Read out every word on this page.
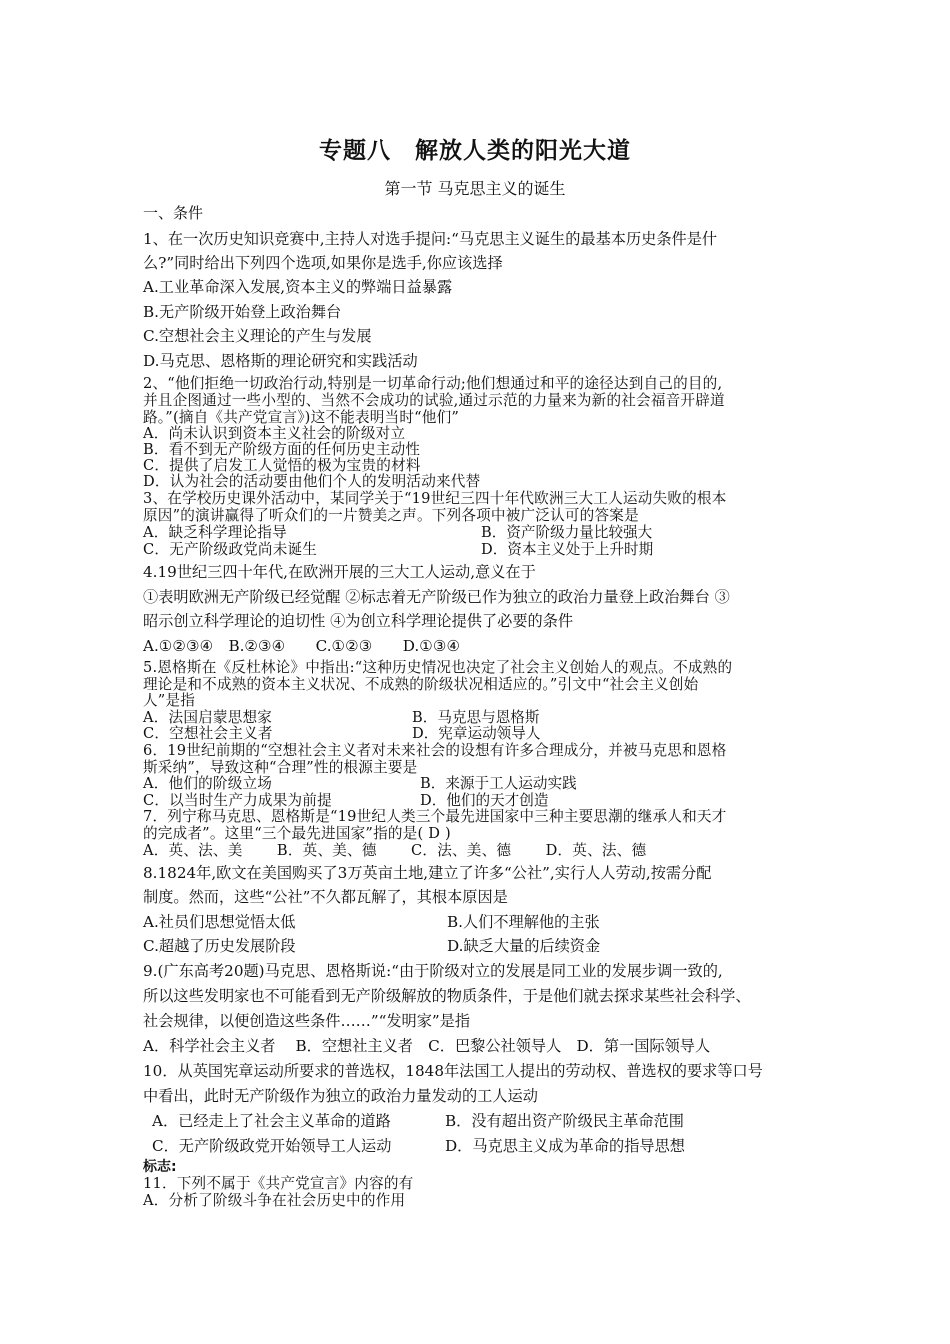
专题八　解放人类的阳光大道
第一节 马克思主义的诞生
一、条件
1、在一次历史知识竞赛中,主持人对选手提问:“马克思主义诞生的最基本历史条件是什
么?”同时给出下列四个选项,如果你是选手,你应该选择
A.工业革命深入发展,资本主义的弊端日益暴露
B.无产阶级开始登上政治舞台
C.空想社会主义理论的产生与发展
D.马克思、恩格斯的理论研究和实践活动
2、“他们拒绝一切政治行动,特别是一切革命行动;他们想通过和平的途径达到自己的目的,
并且企图通过一些小型的、当然不会成功的试验,通过示范的力量来为新的社会福音开辟道
路。”(摘自《共产党宣言》)这不能表明当时“他们”
A．尚未认识到资本主义社会的阶级对立
B．看不到无产阶级方面的任何历史主动性
C．提供了启发工人觉悟的极为宝贵的材料
D．认为社会的活动要由他们个人的发明活动来代替
3、在学校历史课外活动中，某同学关于“19世纪三四十年代欧洲三大工人运动失败的根本
原因”的演讲赢得了听众们的一片赞美之声。下列各项中被广泛认可的答案是
A．缺乏科学理论指导	B．资产阶级力量比较强大
C．无产阶级政党尚未诞生	D．资本主义处于上升时期
4.19世纪三四十年代,在欧洲开展的三大工人运动,意义在于
①表明欧洲无产阶级已经觉醒 ②标志着无产阶级已作为独立的政治力量登上政治舞台 ③
昭示创立科学理论的迫切性 ④为创立科学理论提供了必要的条件
A.①②③④　B.②③④　　C.①②③　　D.①③④
5.恩格斯在《反杜林论》中指出:“这种历史情况也决定了社会主义创始人的观点。不成熟的
理论是和不成熟的资本主义状况、不成熟的阶级状况相适应的。”引文中“社会主义创始
人”是指
A．法国启蒙思想家	B．马克思与恩格斯
C．空想社会主义者	D．宪章运动领导人
6．19世纪前期的“空想社会主义者对未来社会的设想有许多合理成分，并被马克思和恩格
斯采纳”，导致这种“合理”性的根源主要是
A．他们的阶级立场	B．来源于工人运动实践
C．以当时生产力成果为前提	D．他们的天才创造
7．列宁称马克思、恩格斯是“19世纪人类三个最先进国家中三种主要思潮的继承人和天才
的完成者”。这里“三个最先进国家”指的是( D )
A．英、法、美　　 B．英、美、德　　 C．法、美、德　　 D．英、法、德
8.1824年,欧文在美国购买了3万英亩土地,建立了许多“公社”,实行人人劳动,按需分配
制度。然而，这些“公社”不久都瓦解了，其根本原因是
A.社员们思想觉悟太低	B.人们不理解他的主张
C.超越了历史发展阶段	D.缺乏大量的后续资金
9.(广东高考20题)马克思、恩格斯说:“由于阶级对立的发展是同工业的发展步调一致的,
所以这些发明家也不可能看到无产阶级解放的物质条件，于是他们就去探求某些社会科学、
社会规律，以便创造这些条件……”“发明家”是指
A．科学社会主义者　 B．空想社主义者　C．巴黎公社领导人　D．第一国际领导人
10．从英国宪章运动所要求的普选权，1848年法国工人提出的劳动权、普选权的要求等口号
中看出，此时无产阶级作为独立的政治力量发动的工人运动
A．已经走上了社会主义革命的道路	B．没有超出资产阶级民主革命范围
C．无产阶级政党开始领导工人运动	D．马克思主义成为革命的指导思想
标志:
11．下列不属于《共产党宣言》内容的有
A．分析了阶级斗争在社会历史中的作用
